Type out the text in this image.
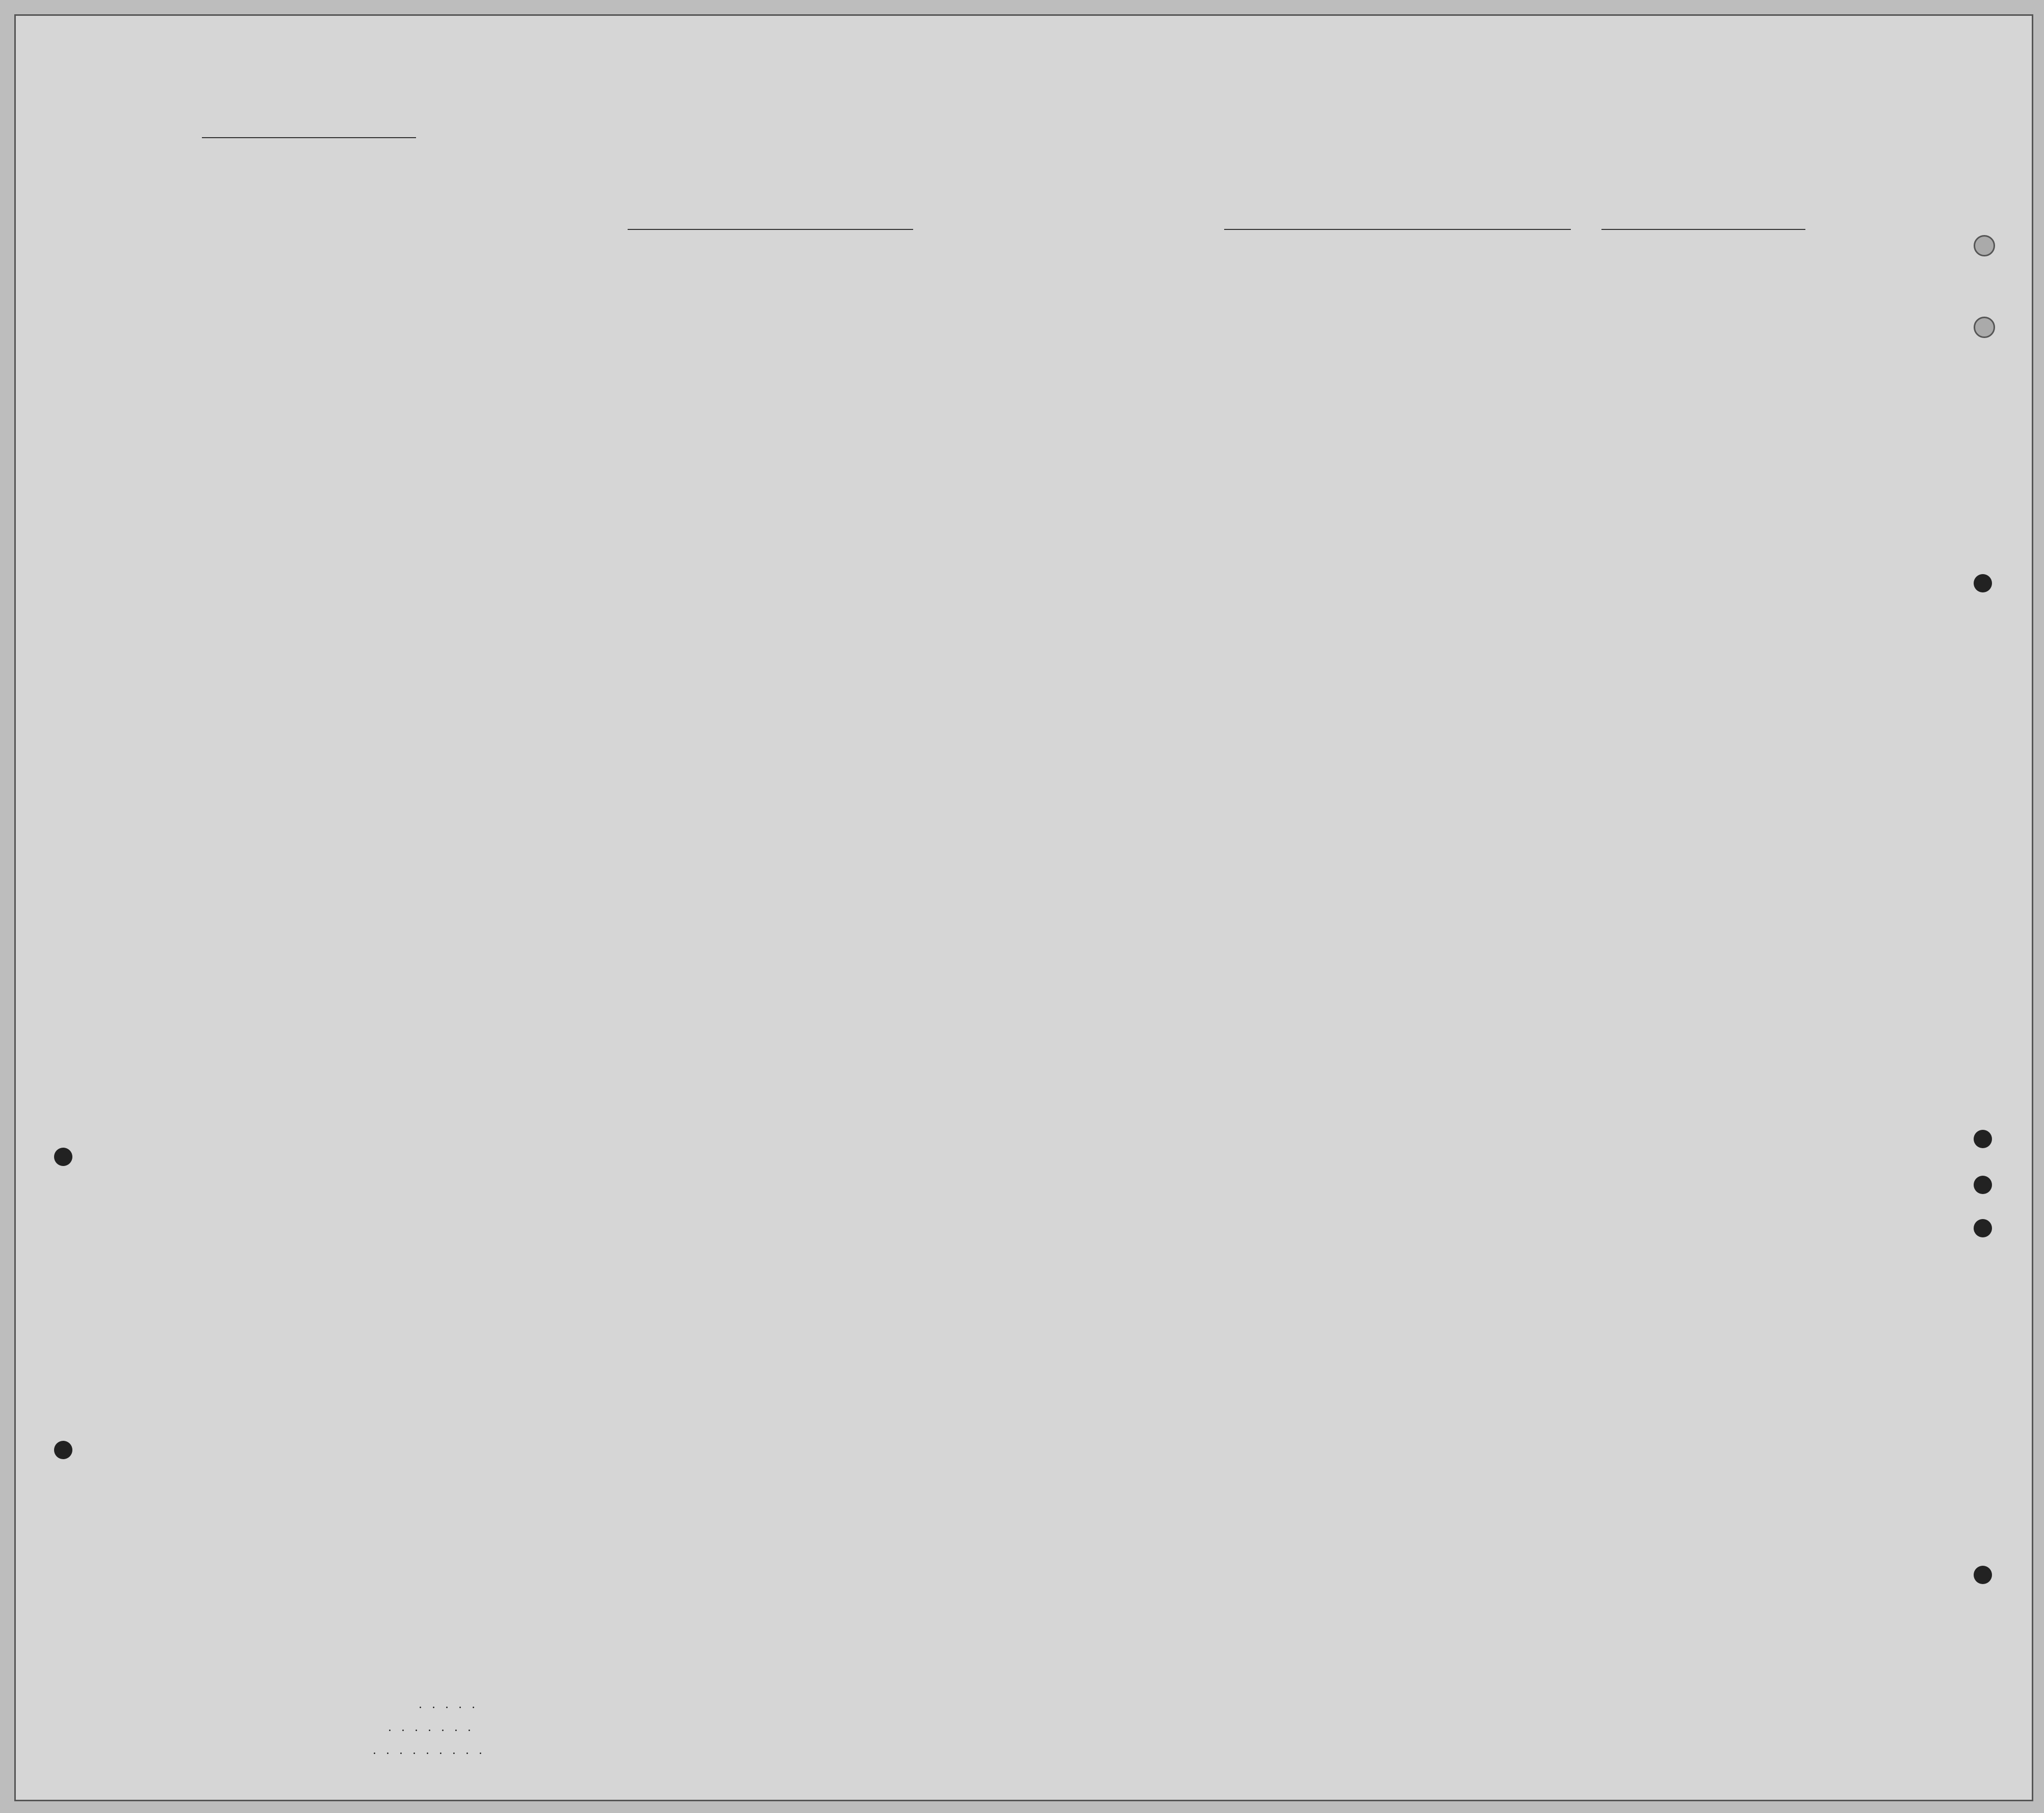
. . . . .
. . . . . . .
. . . . . . . . .
